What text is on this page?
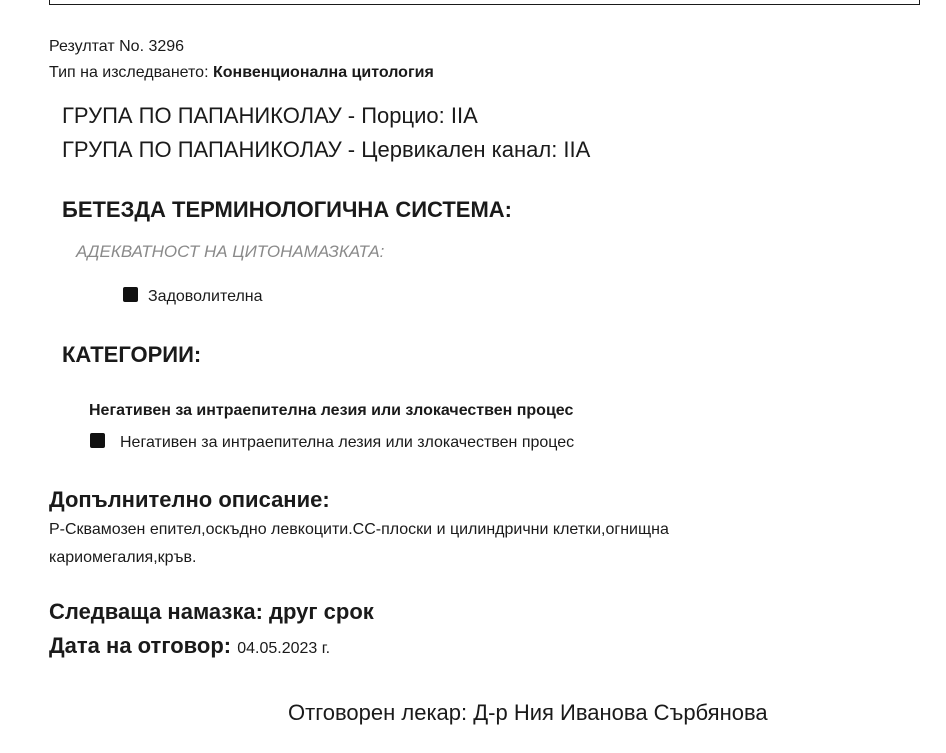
Резултат No. 3296
Тип на изследването: Конвенционална цитология
ГРУПА ПО ПАПАНИКОЛАУ - Порцио: IIA
ГРУПА ПО ПАПАНИКОЛАУ - Цервикален канал: IIA
БЕТЕЗДА ТЕРМИНОЛОГИЧНА СИСТЕМА:
АДЕКВАТНОСТ НА ЦИТОНАМАЗКАТА:
Задоволителна
КАТЕГОРИИ:
Негативен за интраепителна лезия или злокачествен процес
Негативен за интраепителна лезия или злокачествен процес
Допълнително описание:
Р-Сквамозен епител,оскъдно левкоцити.СС-плоски и цилиндрични клетки,огнищна
кариомегалия,кръв.
Следваща намазка: друг срок
Дата на отговор: 04.05.2023 г.
Отговорен лекар: Д-р Ния Иванова Сърбянова
